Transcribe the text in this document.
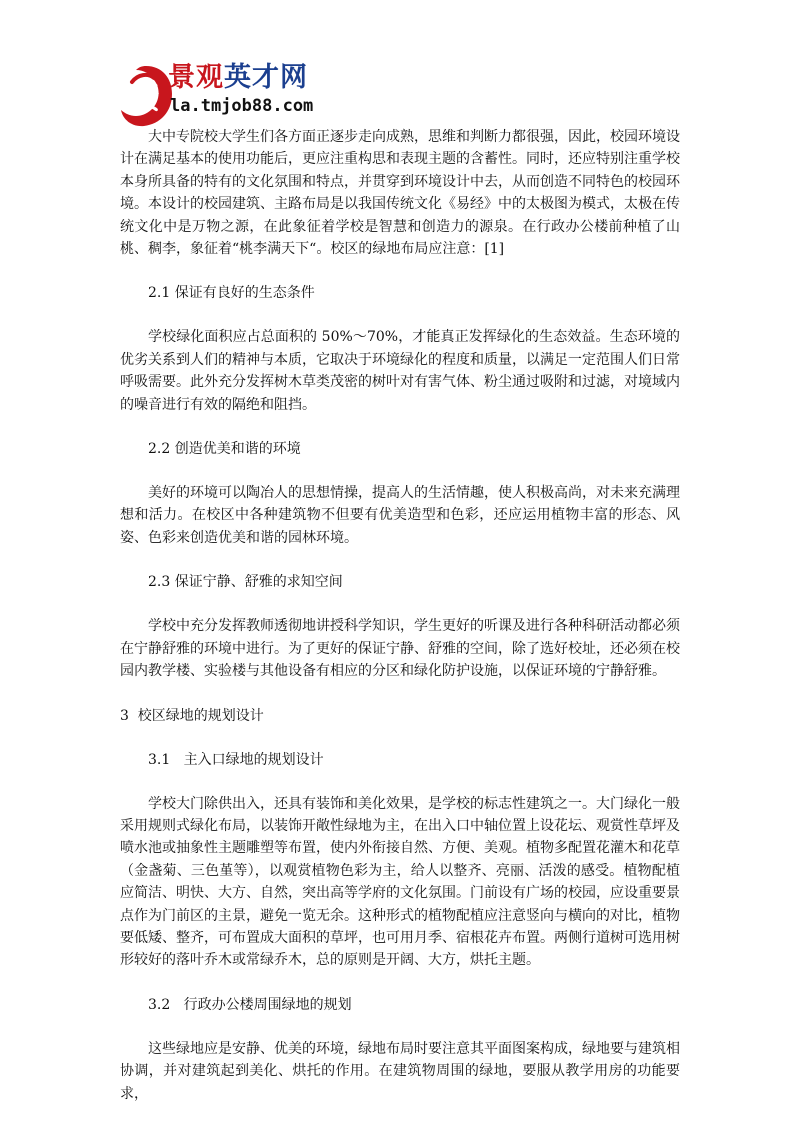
贤
景观英才网
la.tmjob88.com

大中专院校大学生们各方面正逐步走向成熟，思维和判断力都很强，因此，校园环境设计在满足基本的使用功能后，更应注重构思和表现主题的含蓄性。同时，还应特别注重学校本身所具备的特有的文化氛围和特点，并贯穿到环境设计中去，从而创造不同特色的校园环境。本设计的校园建筑、主路布局是以我国传统文化《易经》中的太极图为模式，太极在传统文化中是万物之源，在此象征着学校是智慧和创造力的源泉。在行政办公楼前种植了山桃、稠李，象征着“桃李满天下“。校区的绿地布局应注意：[1]

2.1 保证有良好的生态条件

学校绿化面积应占总面积的 50%～70%，才能真正发挥绿化的生态效益。生态环境的优劣关系到人们的精神与本质，它取决于环境绿化的程度和质量，以满足一定范围人们日常呼吸需要。此外充分发挥树木草类茂密的树叶对有害气体、粉尘通过吸附和过滤，对境域内的噪音进行有效的隔绝和阻挡。

2.2 创造优美和谐的环境

美好的环境可以陶冶人的思想情操，提高人的生活情趣，使人积极高尚，对未来充满理想和活力。在校区中各种建筑物不但要有优美造型和色彩，还应运用植物丰富的形态、风姿、色彩来创造优美和谐的园林环境。

2.3 保证宁静、舒雅的求知空间

学校中充分发挥教师透彻地讲授科学知识，学生更好的听课及进行各种科研活动都必须在宁静舒雅的环境中进行。为了更好的保证宁静、舒雅的空间，除了选好校址，还必须在校园内教学楼、实验楼与其他设备有相应的分区和绿化防护设施，以保证环境的宁静舒雅。

3  校区绿地的规划设计

3.1   主入口绿地的规划设计

学校大门除供出入，还具有装饰和美化效果，是学校的标志性建筑之一。大门绿化一般采用规则式绿化布局，以装饰开敞性绿地为主，在出入口中轴位置上设花坛、观赏性草坪及喷水池或抽象性主题雕塑等布置，使内外衔接自然、方便、美观。植物多配置花灌木和花草（金盏菊、三色堇等），以观赏植物色彩为主，给人以整齐、亮丽、活泼的感受。植物配植应简洁、明快、大方、自然，突出高等学府的文化氛围。门前设有广场的校园，应设重要景点作为门前区的主景，避免一览无余。这种形式的植物配植应注意竖向与横向的对比，植物要低矮、整齐，可布置成大面积的草坪，也可用月季、宿根花卉布置。两侧行道树可选用树形较好的落叶乔木或常绿乔木，总的原则是开阔、大方，烘托主题。

3.2   行政办公楼周围绿地的规划

这些绿地应是安静、优美的环境，绿地布局时要注意其平面图案构成，绿地要与建筑相协调，并对建筑起到美化、烘托的作用。在建筑物周围的绿地，要服从教学用房的功能要求，
